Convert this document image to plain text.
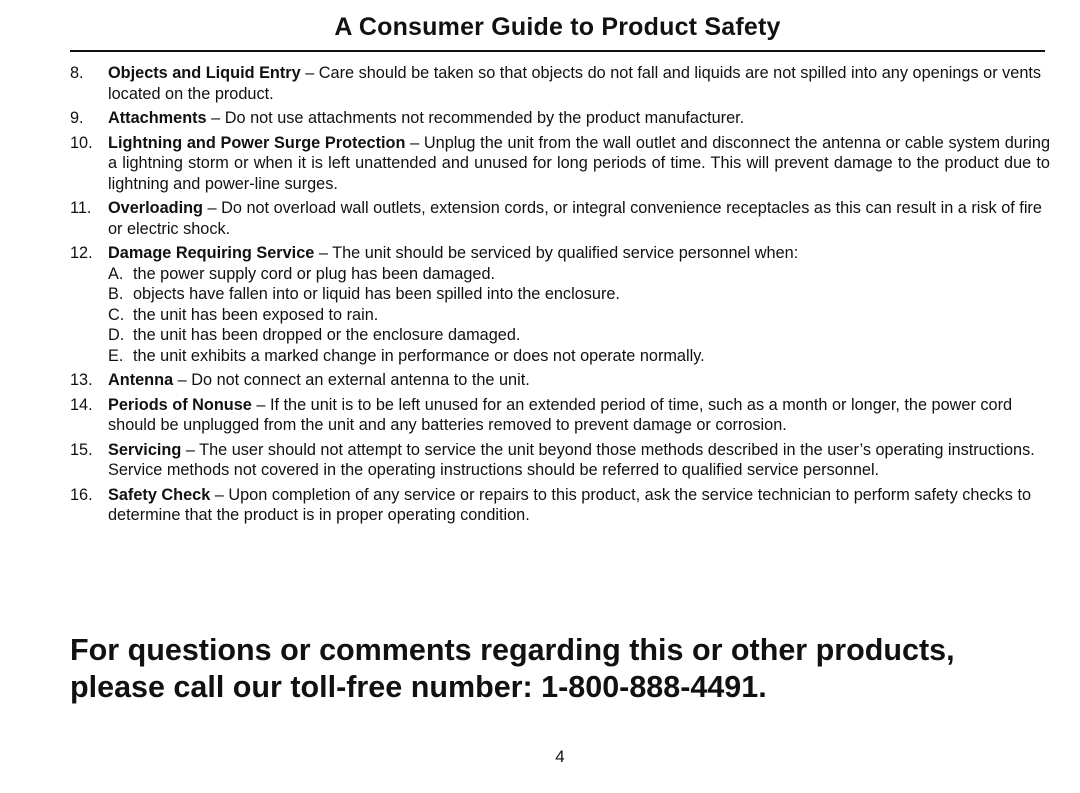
A Consumer Guide to Product Safety
8. Objects and Liquid Entry – Care should be taken so that objects do not fall and liquids are not spilled into any openings or vents located on the product.
9. Attachments – Do not use attachments not recommended by the product manufacturer.
10. Lightning and Power Surge Protection – Unplug the unit from the wall outlet and disconnect the antenna or cable system during a lightning storm or when it is left unattended and unused for long periods of time. This will prevent damage to the product due to lightning and power-line surges.
11. Overloading – Do not overload wall outlets, extension cords, or integral convenience receptacles as this can result in a risk of fire or electric shock.
12. Damage Requiring Service – The unit should be serviced by qualified service personnel when:
A. the power supply cord or plug has been damaged.
B. objects have fallen into or liquid has been spilled into the enclosure.
C. the unit has been exposed to rain.
D. the unit has been dropped or the enclosure damaged.
E. the unit exhibits a marked change in performance or does not operate normally.
13. Antenna – Do not connect an external antenna to the unit.
14. Periods of Nonuse – If the unit is to be left unused for an extended period of time, such as a month or longer, the power cord should be unplugged from the unit and any batteries removed to prevent damage or corrosion.
15. Servicing – The user should not attempt to service the unit beyond those methods described in the user’s operating instructions. Service methods not covered in the operating instructions should be referred to qualified service personnel.
16. Safety Check – Upon completion of any service or repairs to this product, ask the service technician to perform safety checks to determine that the product is in proper operating condition.
For questions or comments regarding this or other products,
please call our toll-free number: 1-800-888-4491.
4
